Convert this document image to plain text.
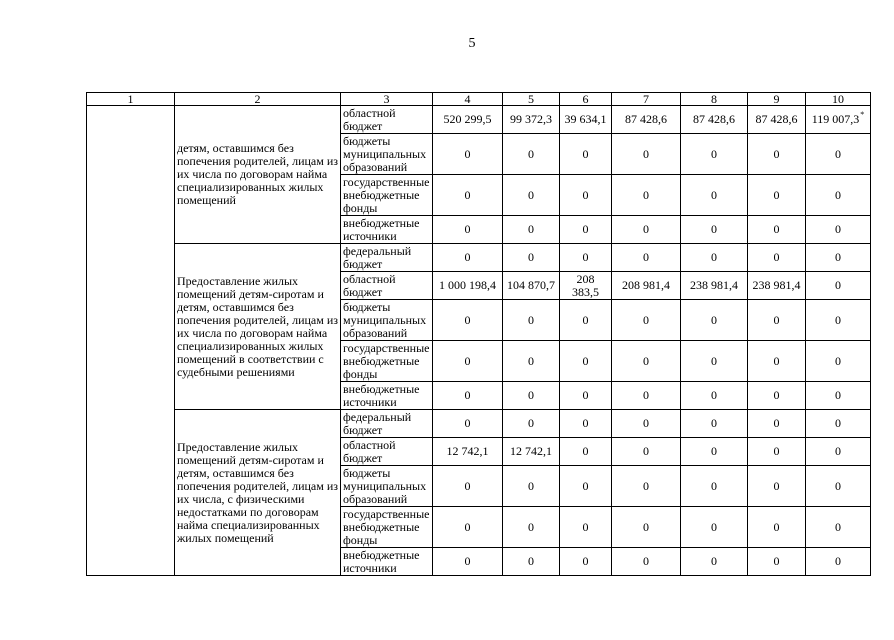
5
1	2	3	4	5	6	7	8	9	10
	детям, оставшимся без попечения родителей, лицам из их числа по договорам найма специализированных жилых помещений	областной бюджет	520 299,5	99 372,3	39 634,1	87 428,6	87 428,6	87 428,6	119 007,3*
		бюджеты муниципальных образований	0	0	0	0	0	0	0
		государственные внебюджетные фонды	0	0	0	0	0	0	0
		внебюджетные источники	0	0	0	0	0	0	0
	Предоставление жилых помещений детям-сиротам и детям, оставшимся без попечения родителей, лицам из их числа по договорам найма специализированных жилых помещений в соответствии с судебными решениями	федеральный бюджет	0	0	0	0	0	0	0
		областной бюджет	1 000 198,4	104 870,7	208 383,5	208 981,4	238 981,4	238 981,4	0
		бюджеты муниципальных образований	0	0	0	0	0	0	0
		государственные внебюджетные фонды	0	0	0	0	0	0	0
		внебюджетные источники	0	0	0	0	0	0	0
	Предоставление жилых помещений детям-сиротам и детям, оставшимся без попечения родителей, лицам из их числа, с физическими недостатками по договорам найма специализированных жилых помещений	федеральный бюджет	0	0	0	0	0	0	0
		областной бюджет	12 742,1	12 742,1	0	0	0	0	0
		бюджеты муниципальных образований	0	0	0	0	0	0	0
		государственные внебюджетные фонды	0	0	0	0	0	0	0
		внебюджетные источники	0	0	0	0	0	0	0
